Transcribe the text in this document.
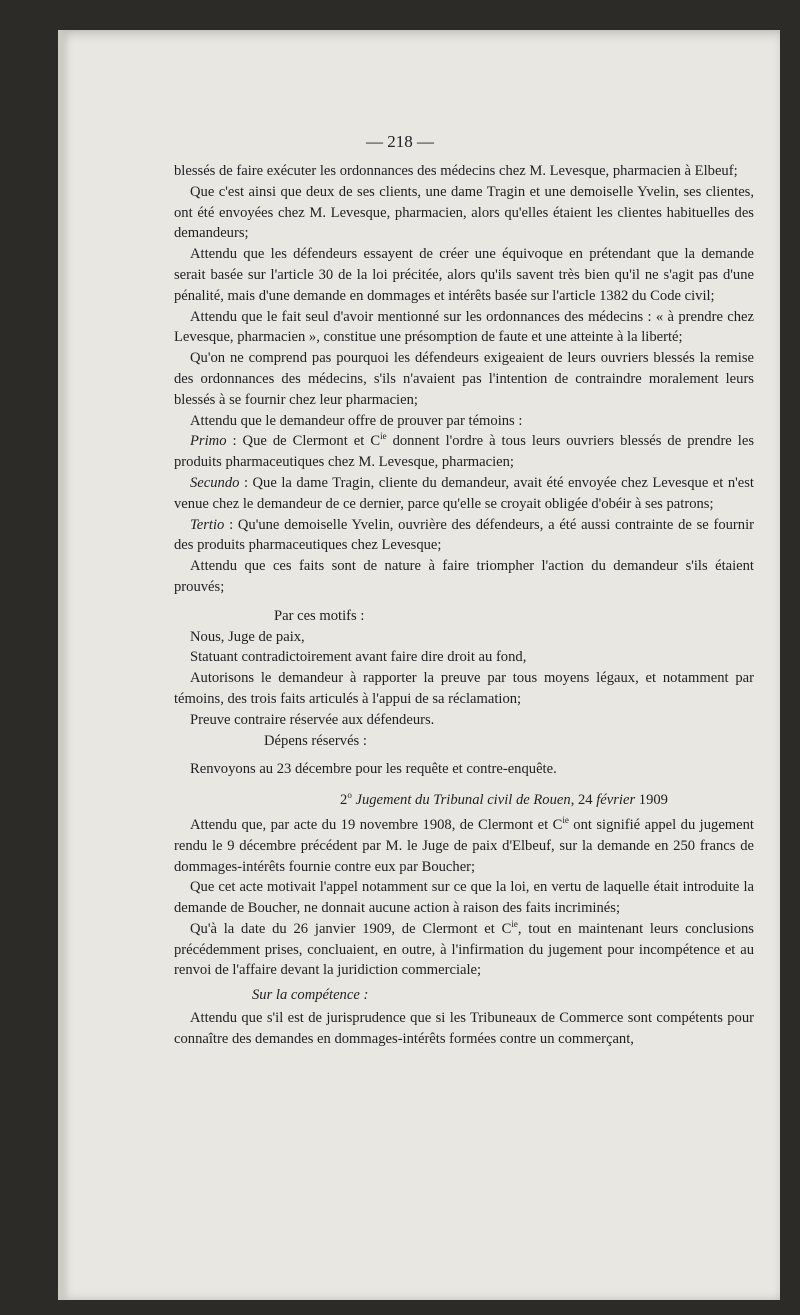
— 218 —

blessés de faire exécuter les ordonnances des médecins chez M. Levesque, pharmacien à Elbeuf;

Que c'est ainsi que deux de ses clients, une dame Tragin et une demoiselle Yvelin, ses clientes, ont été envoyées chez M. Levesque, pharmacien, alors qu'elles étaient les clientes habituelles des demandeurs;

Attendu que les défendeurs essayent de créer une équivoque en prétendant que la demande serait basée sur l'article 30 de la loi précitée, alors qu'ils savent très bien qu'il ne s'agit pas d'une pénalité, mais d'une demande en dommages et intérêts basée sur l'article 1382 du Code civil;

Attendu que le fait seul d'avoir mentionné sur les ordonnances des médecins : « à prendre chez Levesque, pharmacien », constitue une présomption de faute et une atteinte à la liberté;

Qu'on ne comprend pas pourquoi les défendeurs exigeaient de leurs ouvriers blessés la remise des ordonnances des médecins, s'ils n'avaient pas l'intention de contraindre moralement leurs blessés à se fournir chez leur pharmacien;

Attendu que le demandeur offre de prouver par témoins :

Primo : Que de Clermont et $C^{ie}$ donnent l'ordre à tous leurs ouvriers blessés de prendre les produits pharmaceutiques chez M. Levesque, pharmacien;

Secundo : Que la dame Tragin, cliente du demandeur, avait été envoyée chez Levesque et n'est venue chez le demandeur de ce dernier, parce qu'elle se croyait obligée d'obéir à ses patrons;

Tertio : Qu'une demoiselle Yvelin, ouvrière des défendeurs, a été aussi contrainte de se fournir des produits pharmaceutiques chez Levesque;

Attendu que ces faits sont de nature à faire triompher l'action du demandeur s'ils étaient prouvés;

Par ces motifs :

Nous, Juge de paix,

Statuant contradictoirement avant faire dire droit au fond,

Autorisons le demandeur à rapporter la preuve par tous moyens légaux, et notamment par témoins, des trois faits articulés à l'appui de sa réclamation;

Preuve contraire réservée aux défendeurs.

Dépens réservés :

Renvoyons au 23 décembre pour les requête et contre-enquête.

2$^o$ Jugement du Tribunal civil de Rouen, 24 février 1909

Attendu que, par acte du 19 novembre 1908, de Clermont et $C^{ie}$ ont signifié appel du jugement rendu le 9 décembre précédent par M. le Juge de paix d'Elbeuf, sur la demande en 250 francs de dommages-intérêts fournie contre eux par Boucher;

Que cet acte motivait l'appel notamment sur ce que la loi, en vertu de laquelle était introduite la demande de Boucher, ne donnait aucune action à raison des faits incriminés;

Qu'à la date du 26 janvier 1909, de Clermont et $C^{ie}$, tout en maintenant leurs conclusions précédemment prises, concluaient, en outre, à l'infirmation du jugement pour incompétence et au renvoi de l'affaire devant la juridiction commerciale;

Sur la compétence :

Attendu que s'il est de jurisprudence que si les Tribuneaux de Commerce sont compétents pour connaître des demandes en dommages-intérêts formées contre un commerçant,
